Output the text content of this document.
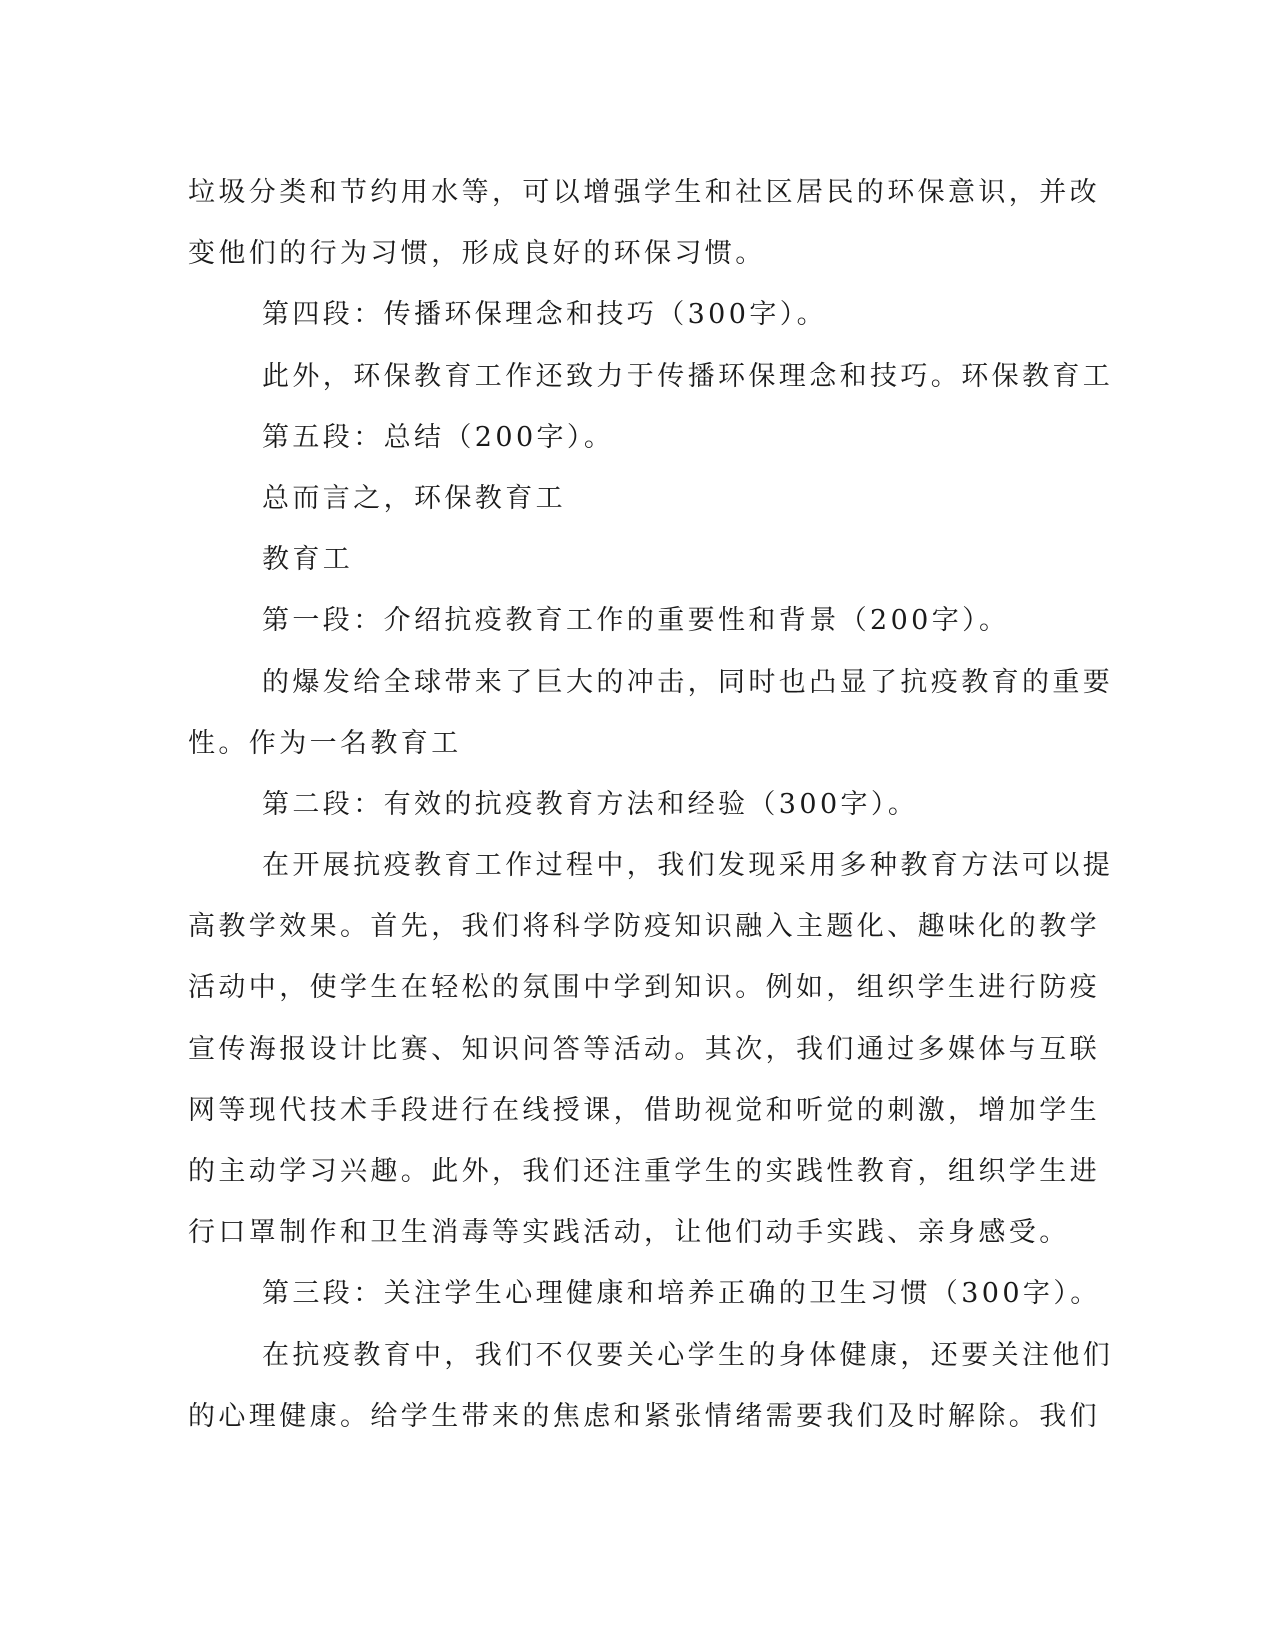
垃圾分类和节约用水等，可以增强学生和社区居民的环保意识，并改
变他们的行为习惯，形成良好的环保习惯。
第四段：传播环保理念和技巧（300字）。
此外，环保教育工作还致力于传播环保理念和技巧。环保教育工
第五段：总结（200字）。
总而言之，环保教育工
教育工
第一段：介绍抗疫教育工作的重要性和背景（200字）。
的爆发给全球带来了巨大的冲击，同时也凸显了抗疫教育的重要
性。作为一名教育工
第二段：有效的抗疫教育方法和经验（300字）。
在开展抗疫教育工作过程中，我们发现采用多种教育方法可以提
高教学效果。首先，我们将科学防疫知识融入主题化、趣味化的教学
活动中，使学生在轻松的氛围中学到知识。例如，组织学生进行防疫
宣传海报设计比赛、知识问答等活动。其次，我们通过多媒体与互联
网等现代技术手段进行在线授课，借助视觉和听觉的刺激，增加学生
的主动学习兴趣。此外，我们还注重学生的实践性教育，组织学生进
行口罩制作和卫生消毒等实践活动，让他们动手实践、亲身感受。
第三段：关注学生心理健康和培养正确的卫生习惯（300字）。
在抗疫教育中，我们不仅要关心学生的身体健康，还要关注他们
的心理健康。给学生带来的焦虑和紧张情绪需要我们及时解除。我们
